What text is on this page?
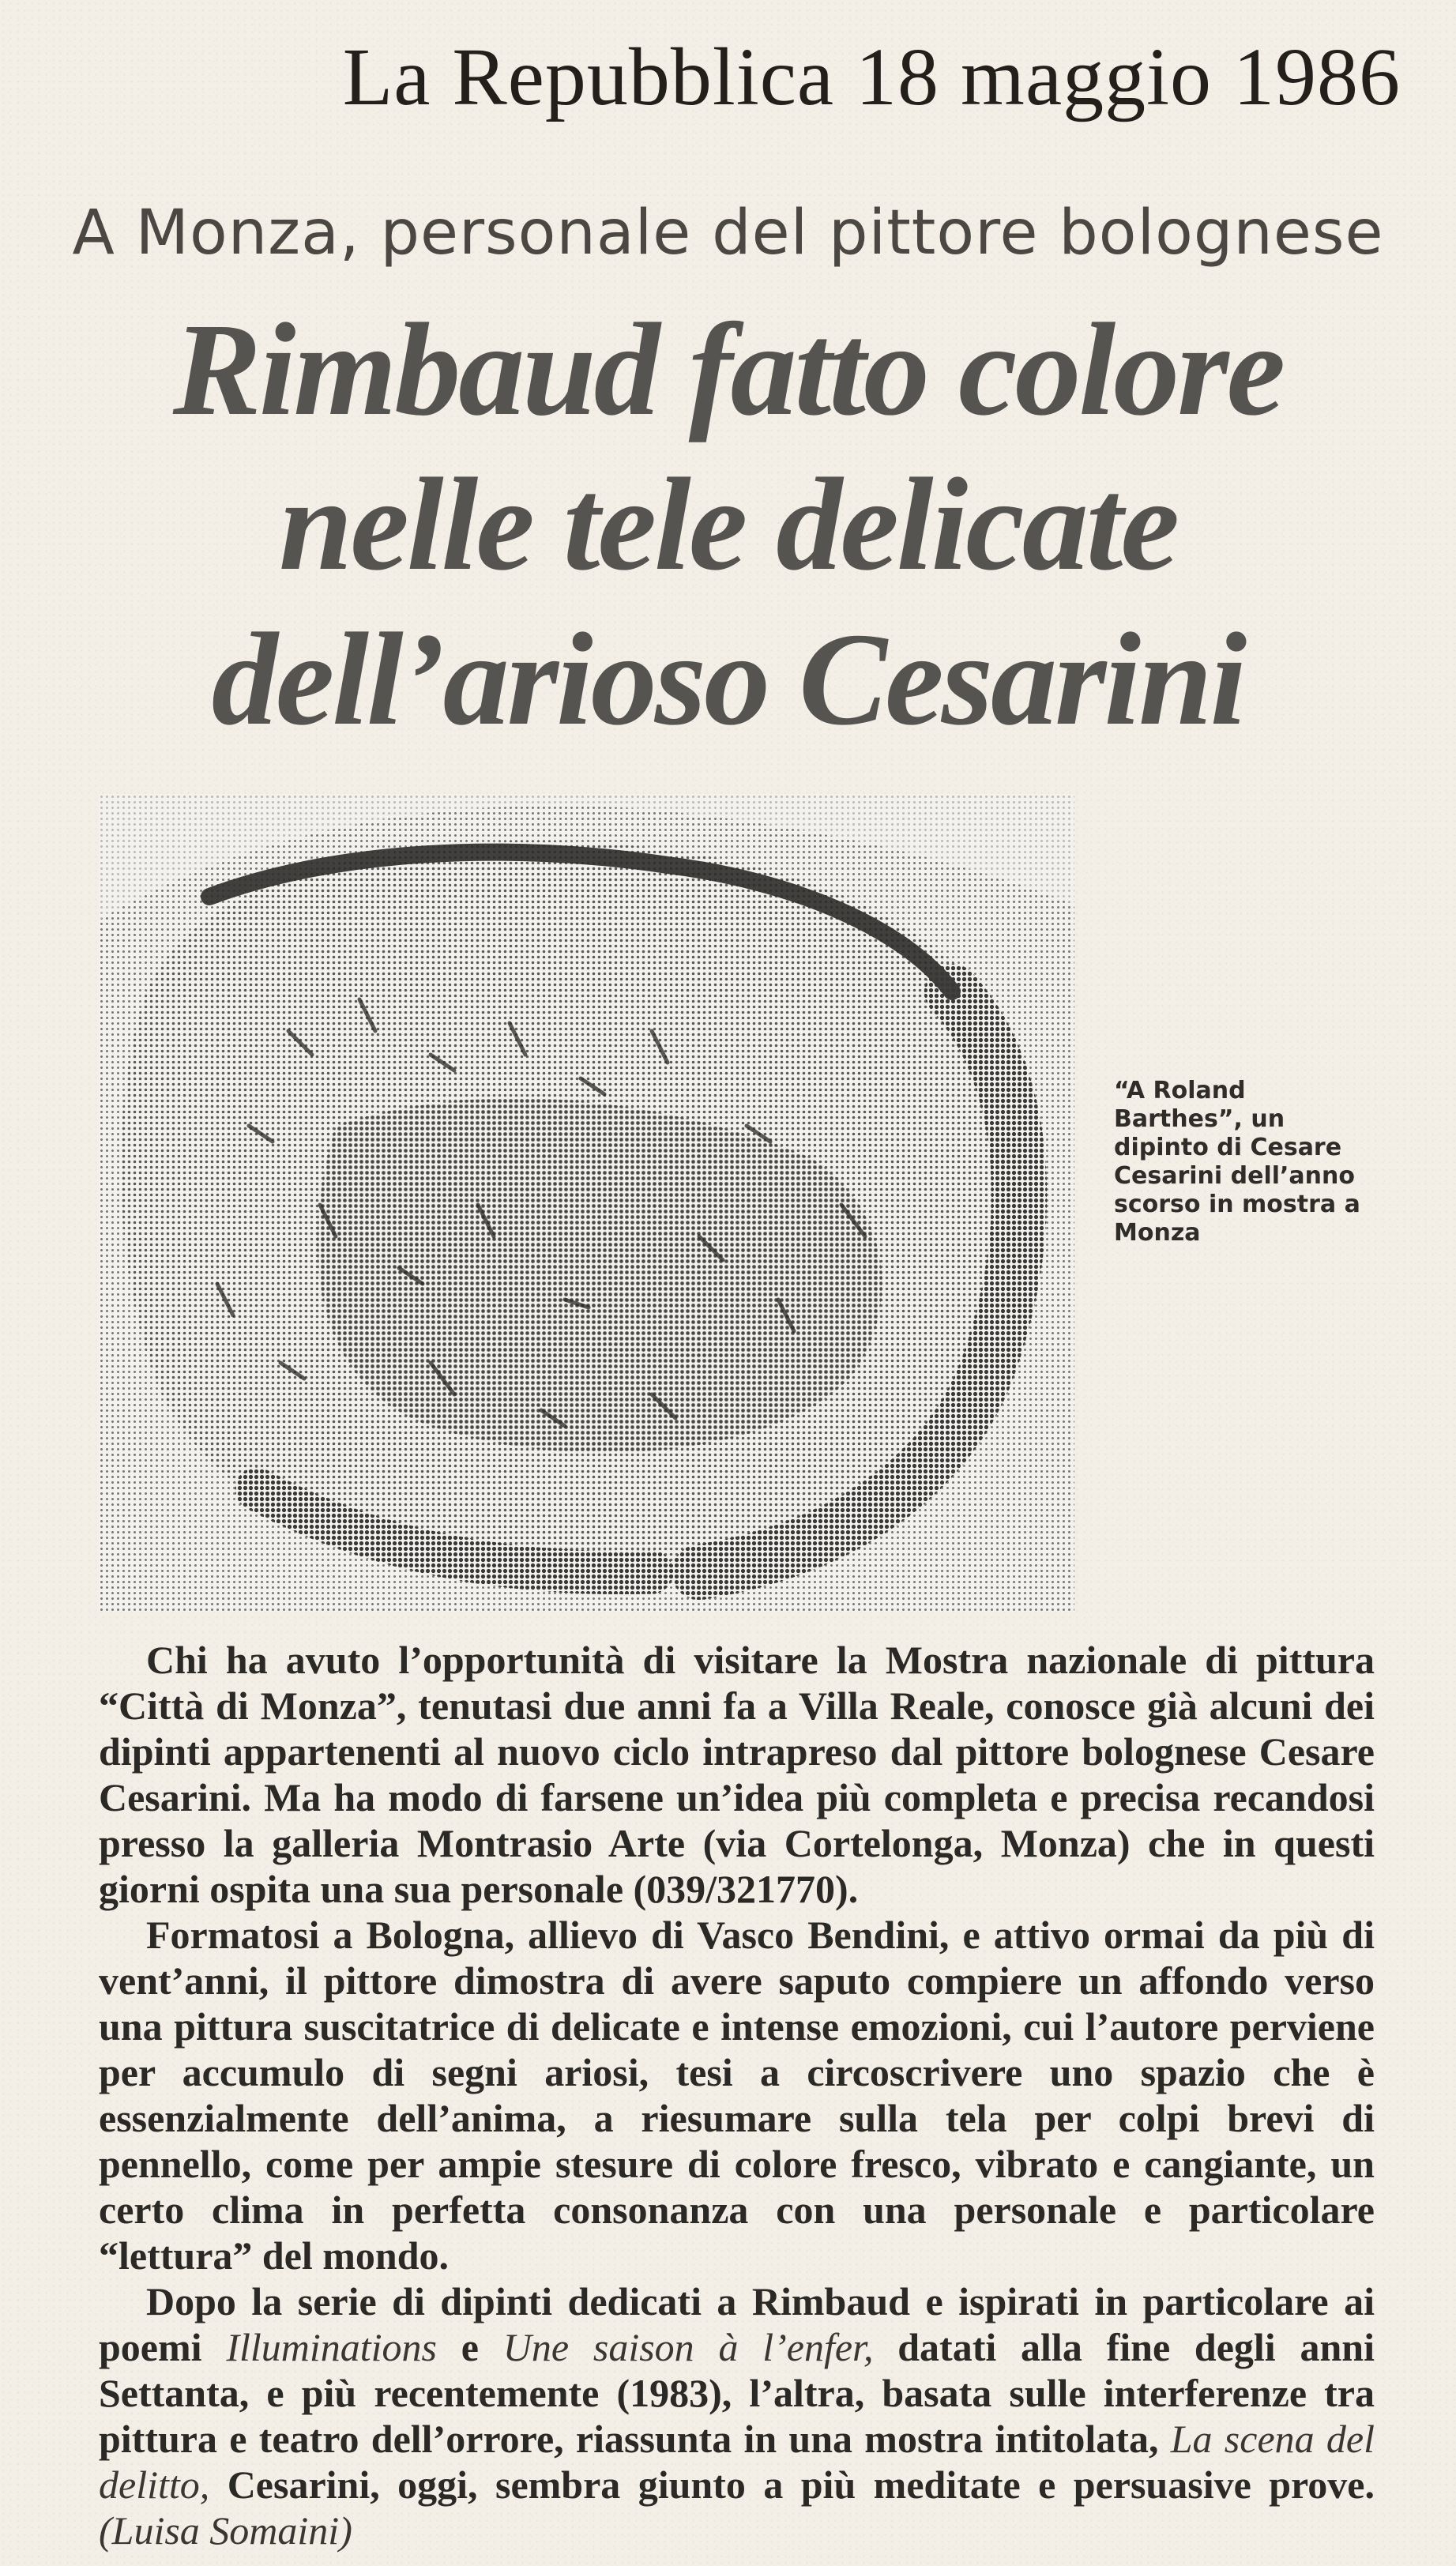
La Repubblica 18 maggio 1986
A Monza, personale del pittore bolognese
Rimbaud fatto colore
nelle tele delicate
dell’arioso Cesarini
“A Roland Barthes”, un dipinto di Cesare Cesarini dell’anno scorso in mostra a Monza

Chi ha avuto l’opportunità di visitare la Mostra nazionale di pittura “Città di Monza”, tenutasi due anni fa a Villa Reale, conosce già alcuni dei dipinti appartenenti al nuovo ciclo intrapreso dal pittore bolognese Cesare Cesarini. Ma ha modo di farsene un’idea più completa e precisa recandosi presso la galleria Montrasio Arte (via Cortelonga, Monza) che in questi giorni ospita una sua personale (039/321770).

Formatosi a Bologna, allievo di Vasco Bendini, e attivo ormai da più di vent’anni, il pittore dimostra di avere saputo compiere un affondo verso una pittura suscitatrice di delicate e intense emozioni, cui l’autore perviene per accumulo di segni ariosi, tesi a circoscrivere uno spazio che è essenzialmente dell’anima, a riesumare sulla tela per colpi brevi di pennello, come per ampie stesure di colore fresco, vibrato e cangiante, un certo clima in perfetta consonanza con una personale e particolare “lettura” del mondo.

Dopo la serie di dipinti dedicati a Rimbaud e ispirati in particolare ai poemi Illuminations e Une saison à l’enfer, datati alla fine degli anni Settanta, e più recentemente (1983), l’altra, basata sulle interferenze tra pittura e teatro dell’orrore, riassunta in una mostra intitolata, La scena del delitto, Cesarini, oggi, sembra giunto a più meditate e persuasive prove. (Luisa Somaini)
